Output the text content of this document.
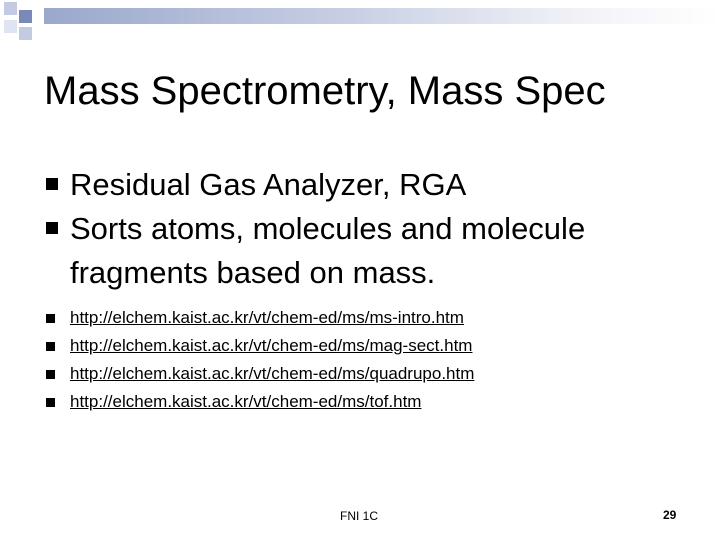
Mass Spectrometry, Mass Spec
Residual Gas Analyzer, RGA
Sorts atoms, molecules and molecule fragments based on mass.
http://elchem.kaist.ac.kr/vt/chem-ed/ms/ms-intro.htm
http://elchem.kaist.ac.kr/vt/chem-ed/ms/mag-sect.htm
http://elchem.kaist.ac.kr/vt/chem-ed/ms/quadrupo.htm
http://elchem.kaist.ac.kr/vt/chem-ed/ms/tof.htm
FNI 1C	29
